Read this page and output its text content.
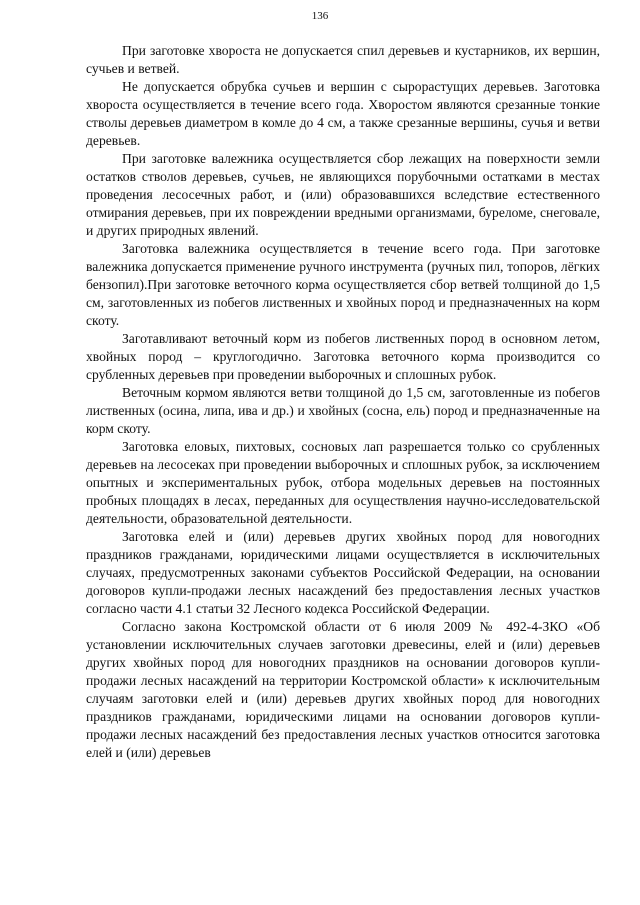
136

При заготовке хвороста не допускается спил деревьев и кустарников, их вершин, сучьев и ветвей.

Не допускается обрубка сучьев и вершин с сырорастущих деревьев. Заготовка хвороста осуществляется в течение всего года. Хворостом являются срезанные тонкие стволы деревьев диаметром в комле до 4 см, а также срезанные вершины, сучья и ветви деревьев.

При заготовке валежника осуществляется сбор лежащих на поверхности земли остатков стволов деревьев, сучьев, не являющихся порубочными остатками в местах проведения лесосечных работ, и (или) образовавшихся вследствие естественного отмирания деревьев, при их повреждении вредными организмами, буреломе, снеговале, и других природных явлений.

Заготовка валежника осуществляется в течение всего года. При заготовке валежника допускается применение ручного инструмента (ручных пил, топоров, лёгких бензопил).При заготовке веточного корма осуществляется сбор ветвей толщиной до 1,5 см, заготовленных из побегов лиственных и хвойных пород и предназначенных на корм скоту.

Заготавливают веточный корм из побегов лиственных пород в основном летом, хвойных пород – круглогодично. Заготовка веточного корма производится со срубленных деревьев при проведении выборочных и сплошных рубок.

Веточным кормом являются ветви толщиной до 1,5 см, заготовленные из побегов лиственных (осина, липа, ива и др.) и хвойных (сосна, ель) пород и предназначенные на корм скоту.

Заготовка еловых, пихтовых, сосновых лап разрешается только со срубленных деревьев на лесосеках при проведении выборочных и сплошных рубок, за исключением опытных и экспериментальных рубок, отбора модельных деревьев на постоянных пробных площадях в лесах, переданных для осуществления научно-исследовательской деятельности, образовательной деятельности.

Заготовка елей и (или) деревьев других хвойных пород для новогодних праздников гражданами, юридическими лицами осуществляется в исключительных случаях, предусмотренных законами субъектов Российской Федерации, на основании договоров купли-продажи лесных насаждений без предоставления лесных участков согласно части 4.1 статьи 32 Лесного кодекса Российской Федерации.

Согласно закона Костромской области от 6 июля 2009 № 492-4-ЗКО «Об установлении исключительных случаев заготовки древесины, елей и (или) деревьев других хвойных пород для новогодних праздников на основании договоров купли-продажи лесных насаждений на территории Костромской области» к исключительным случаям заготовки елей и (или) деревьев других хвойных пород для новогодних праздников гражданами, юридическими лицами на основании договоров купли-продажи лесных насаждений без предоставления лесных участков относится заготовка елей и (или) деревьев
